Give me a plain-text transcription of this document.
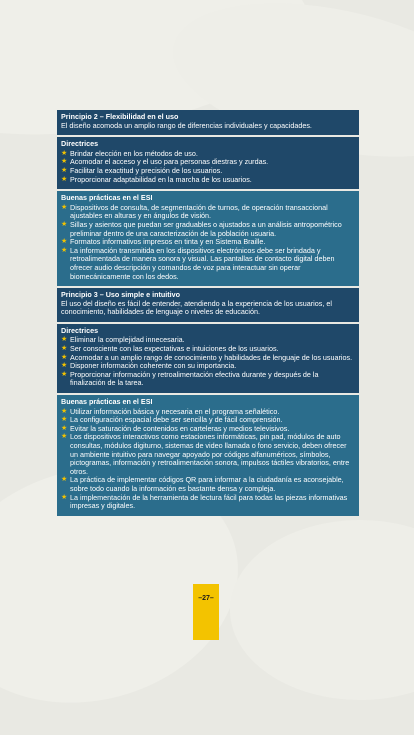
Principio 2 – Flexibilidad en el uso
El diseño acomoda un amplio rango de diferencias individuales y capacidades.
Directrices
★ Brindar elección en los métodos de uso.
★ Acomodar el acceso y el uso para personas diestras y zurdas.
★ Facilitar la exactitud y precisión de los usuarios.
★ Proporcionar adaptabilidad en la marcha de los usuarios.
Buenas prácticas en el ESI
★ Dispositivos de consulta, de segmentación de turnos, de operación transaccional ajustables en alturas y en ángulos de visión.
★ Sillas y asientos que puedan ser graduables o ajustados a un análisis antropométrico preliminar dentro de una caracterización de la población usuaria.
★ Formatos informativos impresos en tinta y en Sistema Braille.
★ La información transmitida en los dispositivos electrónicos debe ser brindada y retroalimentada de manera sonora y visual. Las pantallas de contacto digital deben ofrecer audio descripción y comandos de voz para interactuar sin operar biomecánicamente con los dedos.
Principio 3 – Uso simple e intuitivo
El uso del diseño es fácil de entender, atendiendo a la experiencia de los usuarios, el conocimiento, habilidades de lenguaje o niveles de educación.
Directrices
★ Eliminar la complejidad innecesaria.
★ Ser consciente con las expectativas e intuiciones de los usuarios.
★ Acomodar a un amplio rango de conocimiento y habilidades de lenguaje de los usuarios.
★ Disponer información coherente con su importancia.
★ Proporcionar información y retroalimentación efectiva durante y después de la finalización de la tarea.
Buenas prácticas en el ESI
★ Utilizar información básica y necesaria en el programa señalético.
★ La configuración espacial debe ser sencilla y de fácil comprensión.
★ Evitar la saturación de contenidos en carteleras y medios televisivos.
★ Los dispositivos interactivos como estaciones informáticas, pin pad, módulos de auto consultas, módulos digiturno, sistemas de video llamada o fono servicio, deben ofrecer un ambiente intuitivo para navegar apoyado por códigos alfanuméricos, símbolos, pictogramas, información y retroalimentación sonora, impulsos táctiles vibratorios, entre otros.
★ La práctica de implementar códigos QR para informar a la ciudadanía es aconsejable, sobre todo cuando la información es bastante densa y compleja.
★ La implementación de la herramienta de lectura fácil para todas las piezas informativas impresas y digitales.
–27–
